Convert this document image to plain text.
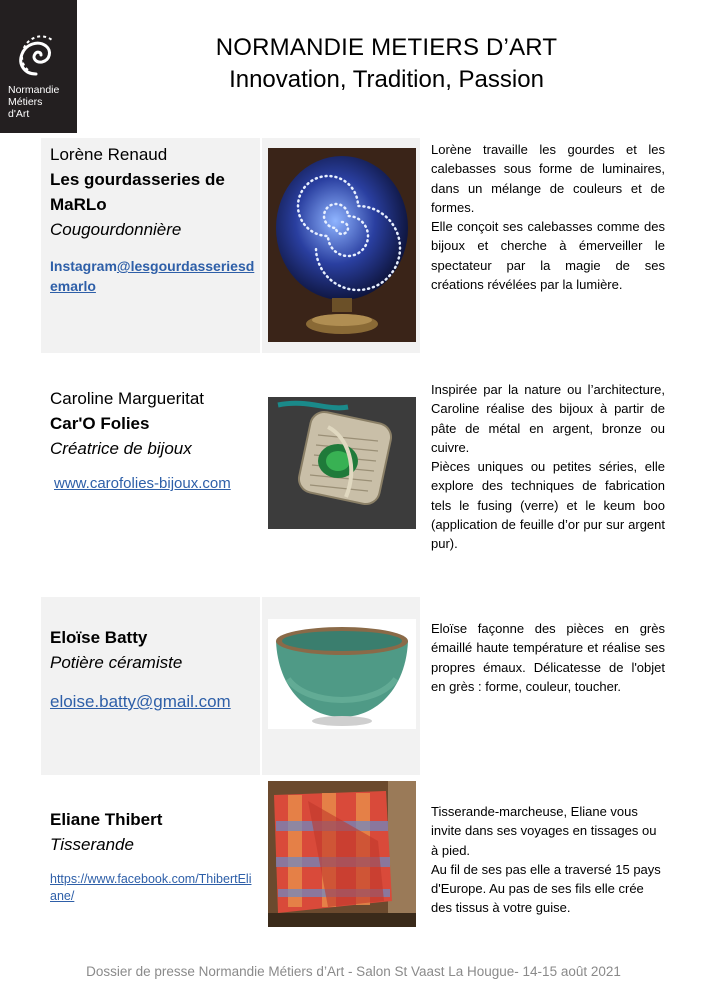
Normandie
Métiers
d'Art
NORMANDIE METIERS D’ART
Innovation, Tradition, Passion
Lorène Renaud
Les gourdasseries de MaRLo
Cougourdonnière
Instagram@lesgourdasseriesdemarlo

Lorène travaille les gourdes et les calebasses sous forme de luminaires, dans un mélange de couleurs et de formes.

Elle conçoit ses calebasses comme des bijoux et cherche à émerveiller le spectateur par la magie de ses créations révélées par la lumière.

Caroline Margueritat
Car'O Folies
Créatrice de bijoux
www.carofolies-bijoux.com

Inspirée par la nature ou l’architecture, Caroline réalise des bijoux à partir de pâte de métal en argent, bronze ou cuivre.

Pièces uniques ou petites séries, elle explore des techniques de fabrication tels le fusing (verre) et le keum boo (application de feuille d’or pur sur argent pur).

Eloïse Batty
Potière céramiste
eloise.batty@gmail.com

Eloïse façonne des pièces en grès émaillé haute température et réalise ses propres émaux. Délicatesse de l'objet en grès : forme, couleur, toucher.

Eliane Thibert
Tisserande
https://www.facebook.com/ThibertEliane/

Tisserande-marcheuse, Eliane vous invite dans ses voyages en tissages ou à pied.

Au fil de ses pas elle a traversé 15 pays d'Europe. Au pas de ses fils elle crée des tissus à votre guise.

Dossier de presse Normandie Métiers d’Art - Salon St Vaast La Hougue- 14-15 août 2021
